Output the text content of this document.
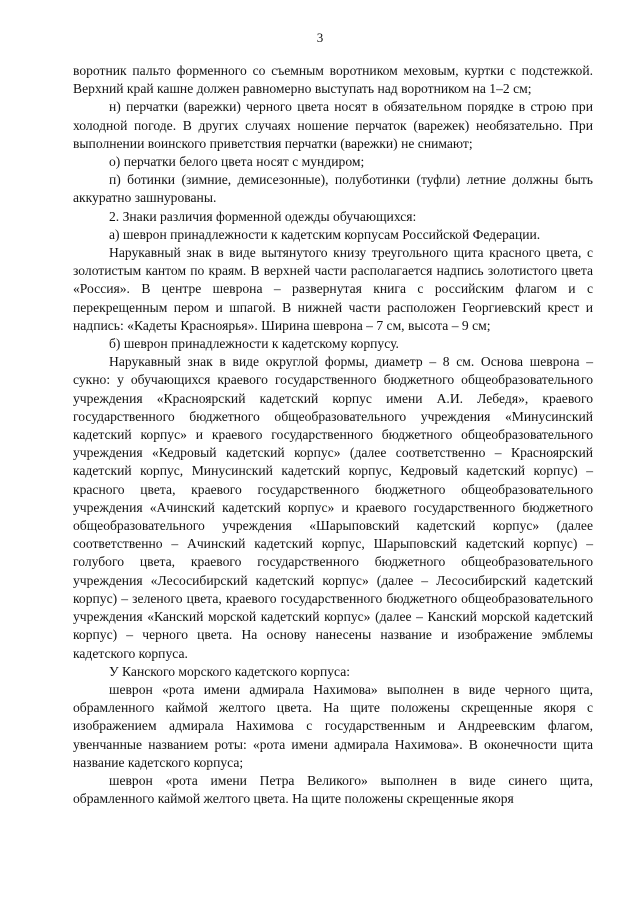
3

воротник пальто форменного со съемным воротником меховым, куртки с подстежкой. Верхний край кашне должен равномерно выступать над воротником на 1–2 см;

н) перчатки (варежки) черного цвета носят в обязательном порядке в строю при холодной погоде. В других случаях ношение перчаток (варежек) необязательно. При выполнении воинского приветствия перчатки (варежки) не снимают;

о) перчатки белого цвета носят с мундиром;

п) ботинки (зимние, демисезонные), полуботинки (туфли) летние должны быть аккуратно зашнурованы.

2. Знаки различия форменной одежды обучающихся:

а) шеврон принадлежности к кадетским корпусам Российской Федерации.

Нарукавный знак в виде вытянутого книзу треугольного щита красного цвета, с золотистым кантом по краям. В верхней части располагается надпись золотистого цвета «Россия». В центре шеврона – развернутая книга с российским флагом и с перекрещенным пером и шпагой. В нижней части расположен Георгиевский крест и надпись: «Кадеты Красноярья». Ширина шеврона – 7 см, высота – 9 см;

б) шеврон принадлежности к кадетскому корпусу.

Нарукавный знак в виде округлой формы, диаметр – 8 см. Основа шеврона – сукно: у обучающихся краевого государственного бюджетного общеобразовательного учреждения «Красноярский кадетский корпус имени А.И. Лебедя», краевого государственного бюджетного общеобразовательного учреждения «Минусинский кадетский корпус» и краевого государственного бюджетного общеобразовательного учреждения «Кедровый кадетский корпус» (далее соответственно – Красноярский кадетский корпус, Минусинский кадетский корпус, Кедровый кадетский корпус) – красного цвета, краевого государственного бюджетного общеобразовательного учреждения «Ачинский кадетский корпус» и краевого государственного бюджетного общеобразовательного учреждения «Шарыповский кадетский корпус» (далее соответственно – Ачинский кадетский корпус, Шарыповский кадетский корпус) – голубого цвета, краевого государственного бюджетного общеобразовательного учреждения «Лесосибирский кадетский корпус» (далее – Лесосибирский кадетский корпус) – зеленого цвета, краевого государственного бюджетного общеобразовательного учреждения «Канский морской кадетский корпус» (далее – Канский морской кадетский корпус) – черного цвета. На основу нанесены название и изображение эмблемы кадетского корпуса.

У Канского морского кадетского корпуса:

шеврон «рота имени адмирала Нахимова» выполнен в виде черного щита, обрамленного каймой желтого цвета. На щите положены скрещенные якоря с изображением адмирала Нахимова с государственным и Андреевским флагом, увенчанные названием роты: «рота имени адмирала Нахимова». В оконечности щита название кадетского корпуса;

шеврон «рота имени Петра Великого» выполнен в виде синего щита, обрамленного каймой желтого цвета. На щите положены скрещенные якоря
